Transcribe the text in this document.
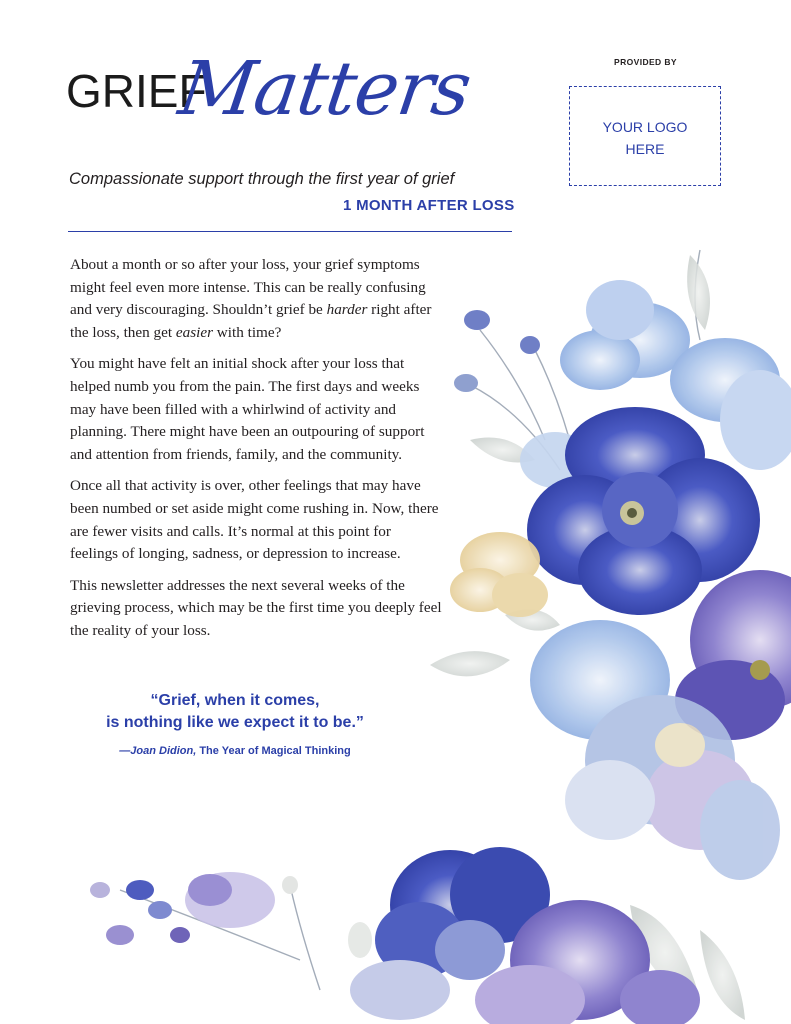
GRIEF
Matters
Compassionate support through the first year of grief
1 MONTH AFTER LOSS
PROVIDED BY
YOUR LOGO
HERE

About a month or so after your loss, your grief symptoms might feel even more intense. This can be really confusing and very discouraging. Shouldn’t grief be harder right after the loss, then get easier with time?

You might have felt an initial shock after your loss that helped numb you from the pain. The first days and weeks may have been filled with a whirlwind of activity and planning. There might have been an outpouring of support and attention from friends, family, and the community.

Once all that activity is over, other feelings that may have been numbed or set aside might come rushing in. Now, there are fewer visits and calls. It’s normal at this point for feelings of longing, sadness, or depression to increase.

This newsletter addresses the next several weeks of the grieving process, which may be the first time you deeply feel the reality of your loss.

“Grief, when it comes,
is nothing like we expect it to be.”
—Joan Didion, The Year of Magical Thinking
